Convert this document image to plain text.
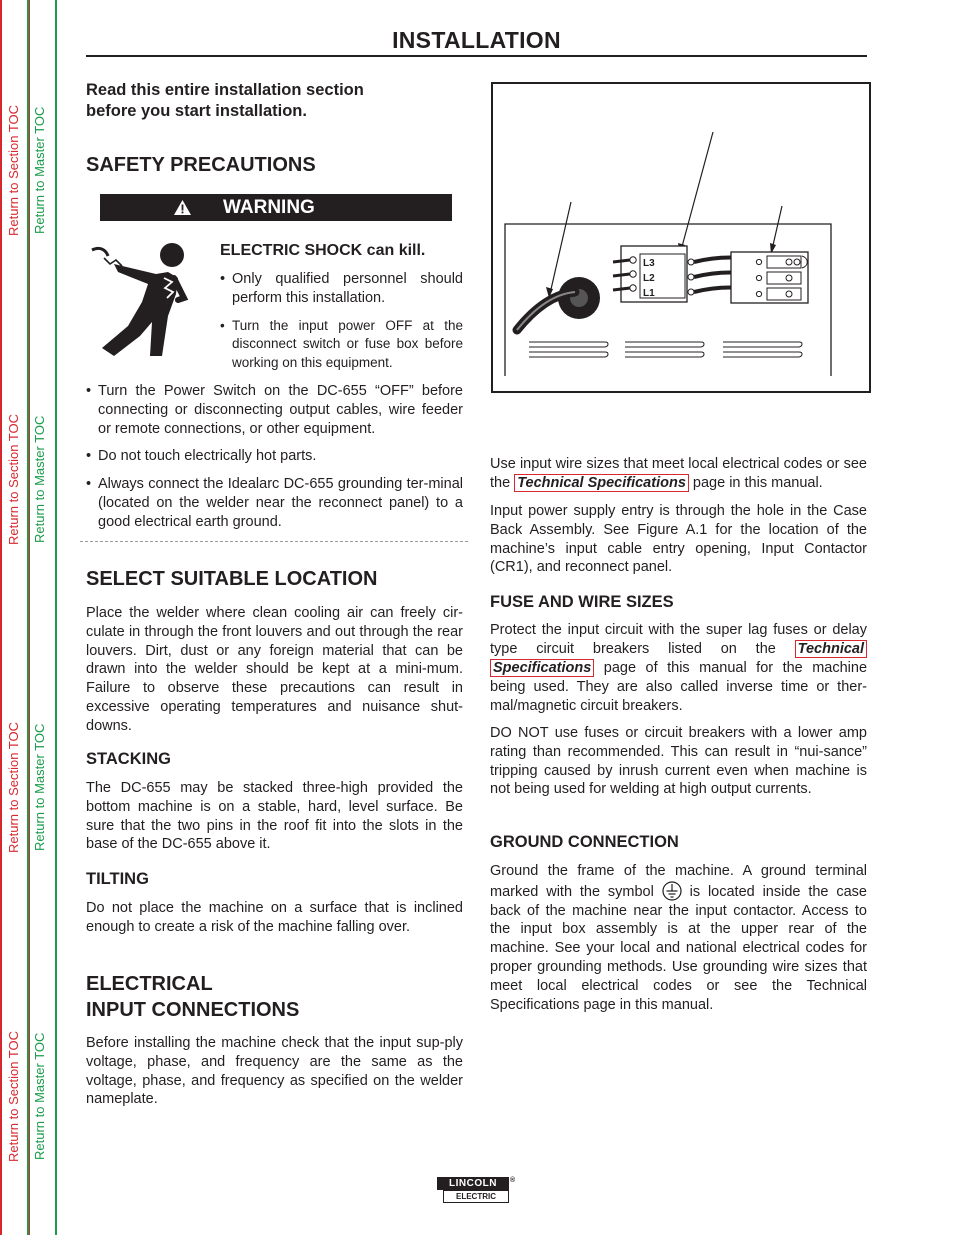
Return to Section TOC
Return to Section TOC
Return to Section TOC
Return to Section TOC
Return to Master TOC
Return to Master TOC
Return to Master TOC
Return to Master TOC
INSTALLATION
Read this entire installation section before you start installation.
SAFETY PRECAUTIONS
WARNING
ELECTRIC SHOCK can kill.
• Only qualified personnel should perform this installation.
• Turn the input power OFF at the disconnect switch or fuse box before working on this equipment.
• Turn the Power Switch on the DC-655 “OFF” before connecting or disconnecting output cables, wire feeder or remote connections, or other equipment.
• Do not touch electrically hot parts.
• Always connect the Idealarc DC-655 grounding ter-minal (located on the welder near the reconnect panel) to a good electrical earth ground.
SELECT SUITABLE LOCATION

Place the welder where clean cooling air can freely cir-culate in through the front louvers and out through the rear louvers. Dirt, dust or any foreign material that can be drawn into the welder should be kept at a mini-mum. Failure to observe these precautions can result in excessive operating temperatures and nuisance shut-downs.

STACKING

The DC-655 may be stacked three-high provided the bottom machine is on a stable, hard, level surface. Be sure that the two pins in the roof fit into the slots in the base of the DC-655 above it.

TILTING

Do not place the machine on a surface that is inclined enough to create a risk of the machine falling over.

ELECTRICAL
INPUT CONNECTIONS

Before installing the machine check that the input sup-ply voltage, phase, and frequency are the same as the voltage, phase, and frequency as specified on the welder nameplate.

L3
L2
L1

Use input wire sizes that meet local electrical codes or see the Technical Specifications page in this manual.

Input power supply entry is through the hole in the Case Back Assembly. See Figure A.1 for the location of the machine’s input cable entry opening, Input Contactor (CR1), and reconnect panel.

FUSE AND WIRE SIZES

Protect the input circuit with the super lag fuses or delay type circuit breakers listed on the Technical Specifications page of this manual for the machine being used. They are also called inverse time or ther-mal/magnetic circuit breakers.

DO NOT use fuses or circuit breakers with a lower amp rating than recommended. This can result in “nui-sance” tripping caused by inrush current even when machine is not being used for welding at high output currents.

GROUND CONNECTION

Ground the frame of the machine. A ground terminal marked with the symbol is located inside the case back of the machine near the input contactor. Access to the input box assembly is at the upper rear of the machine. See your local and national electrical codes for proper grounding methods. Use grounding wire sizes that meet local electrical codes or see the Technical Specifications page in this manual.

LINCOLN
ELECTRIC
®
